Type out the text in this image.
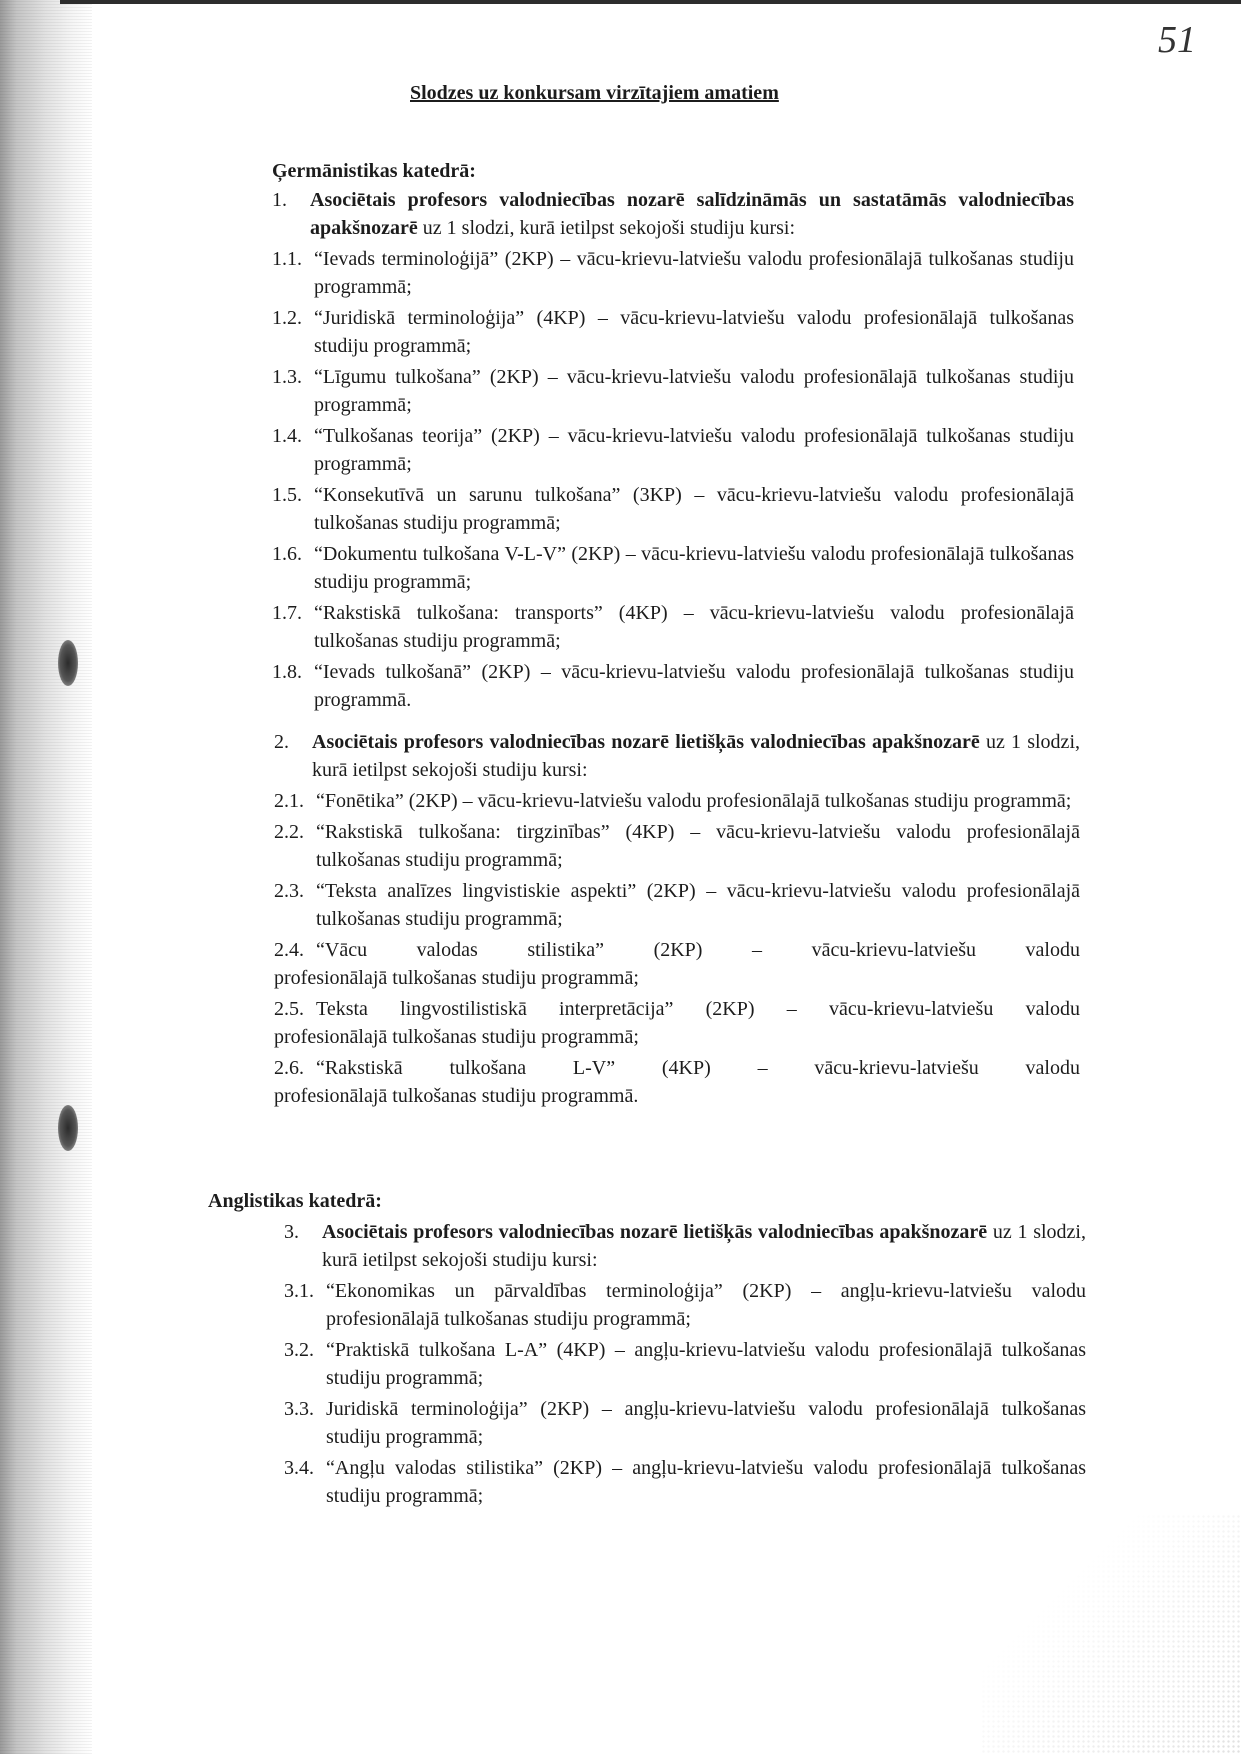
51
Slodzes uz konkursam virzītajiem amatiem
Ģermānistikas katedrā:
1.	Asociētais profesors valodniecības nozarē salīdzināmās un sastatāmās valodniecības apakšnozarē uz 1 slodzi, kurā ietilpst sekojoši studiju kursi:
1.1. “Ievads terminoloģijā” (2KP) – vācu-krievu-latviešu valodu profesionālajā tulkošanas studiju programmā;
1.2. “Juridiskā terminoloģija” (4KP) – vācu-krievu-latviešu valodu profesionālajā tulkošanas studiju programmā;
1.3. “Līgumu tulkošana” (2KP) – vācu-krievu-latviešu valodu profesionālajā tulkošanas studiju programmā;
1.4. “Tulkošanas teorija” (2KP) – vācu-krievu-latviešu valodu profesionālajā tulkošanas studiju programmā;
1.5. “Konsekutīvā un sarunu tulkošana” (3KP) – vācu-krievu-latviešu valodu profesionālajā tulkošanas studiju programmā;
1.6. “Dokumentu tulkošana V-L-V” (2KP) – vācu-krievu-latviešu valodu profesionālajā tulkošanas studiju programmā;
1.7. “Rakstiskā tulkošana: transports” (4KP) – vācu-krievu-latviešu valodu profesionālajā tulkošanas studiju programmā;
1.8. “Ievads tulkošanā” (2KP) – vācu-krievu-latviešu valodu profesionālajā tulkošanas studiju programmā.
2.	Asociētais profesors valodniecības nozarē lietišķās valodniecības apakšnozarē uz 1 slodzi, kurā ietilpst sekojoši studiju kursi:
2.1. “Fonētika” (2KP) – vācu-krievu-latviešu valodu profesionālajā tulkošanas studiju programmā;
2.2. “Rakstiskā tulkošana: tirgzinības” (4KP) – vācu-krievu-latviešu valodu profesionālajā tulkošanas studiju programmā;
2.3. “Teksta analīzes lingvistiskie aspekti” (2KP) – vācu-krievu-latviešu valodu profesionālajā tulkošanas studiju programmā;
2.4. “Vācu valodas stilistika” (2KP) – vācu-krievu-latviešu valodu
profesionālajā tulkošanas studiju programmā;
2.5. Teksta lingvostilistiskā interpretācija” (2KP) – vācu-krievu-latviešu valodu
profesionālajā tulkošanas studiju programmā;
2.6. “Rakstiskā tulkošana L-V” (4KP) – vācu-krievu-latviešu valodu
profesionālajā tulkošanas studiju programmā.
Anglistikas katedrā:
3.	Asociētais profesors valodniecības nozarē lietišķās valodniecības apakšnozarē uz 1 slodzi, kurā ietilpst sekojoši studiju kursi:
3.1. “Ekonomikas un pārvaldības terminoloģija” (2KP) – angļu-krievu-latviešu valodu profesionālajā tulkošanas studiju programmā;
3.2. “Praktiskā tulkošana L-A” (4KP) – angļu-krievu-latviešu valodu profesionālajā tulkošanas studiju programmā;
3.3. Juridiskā terminoloģija” (2KP) – angļu-krievu-latviešu valodu profesionālajā tulkošanas studiju programmā;
3.4. “Angļu valodas stilistika” (2KP) – angļu-krievu-latviešu valodu profesionālajā tulkošanas studiju programmā;
